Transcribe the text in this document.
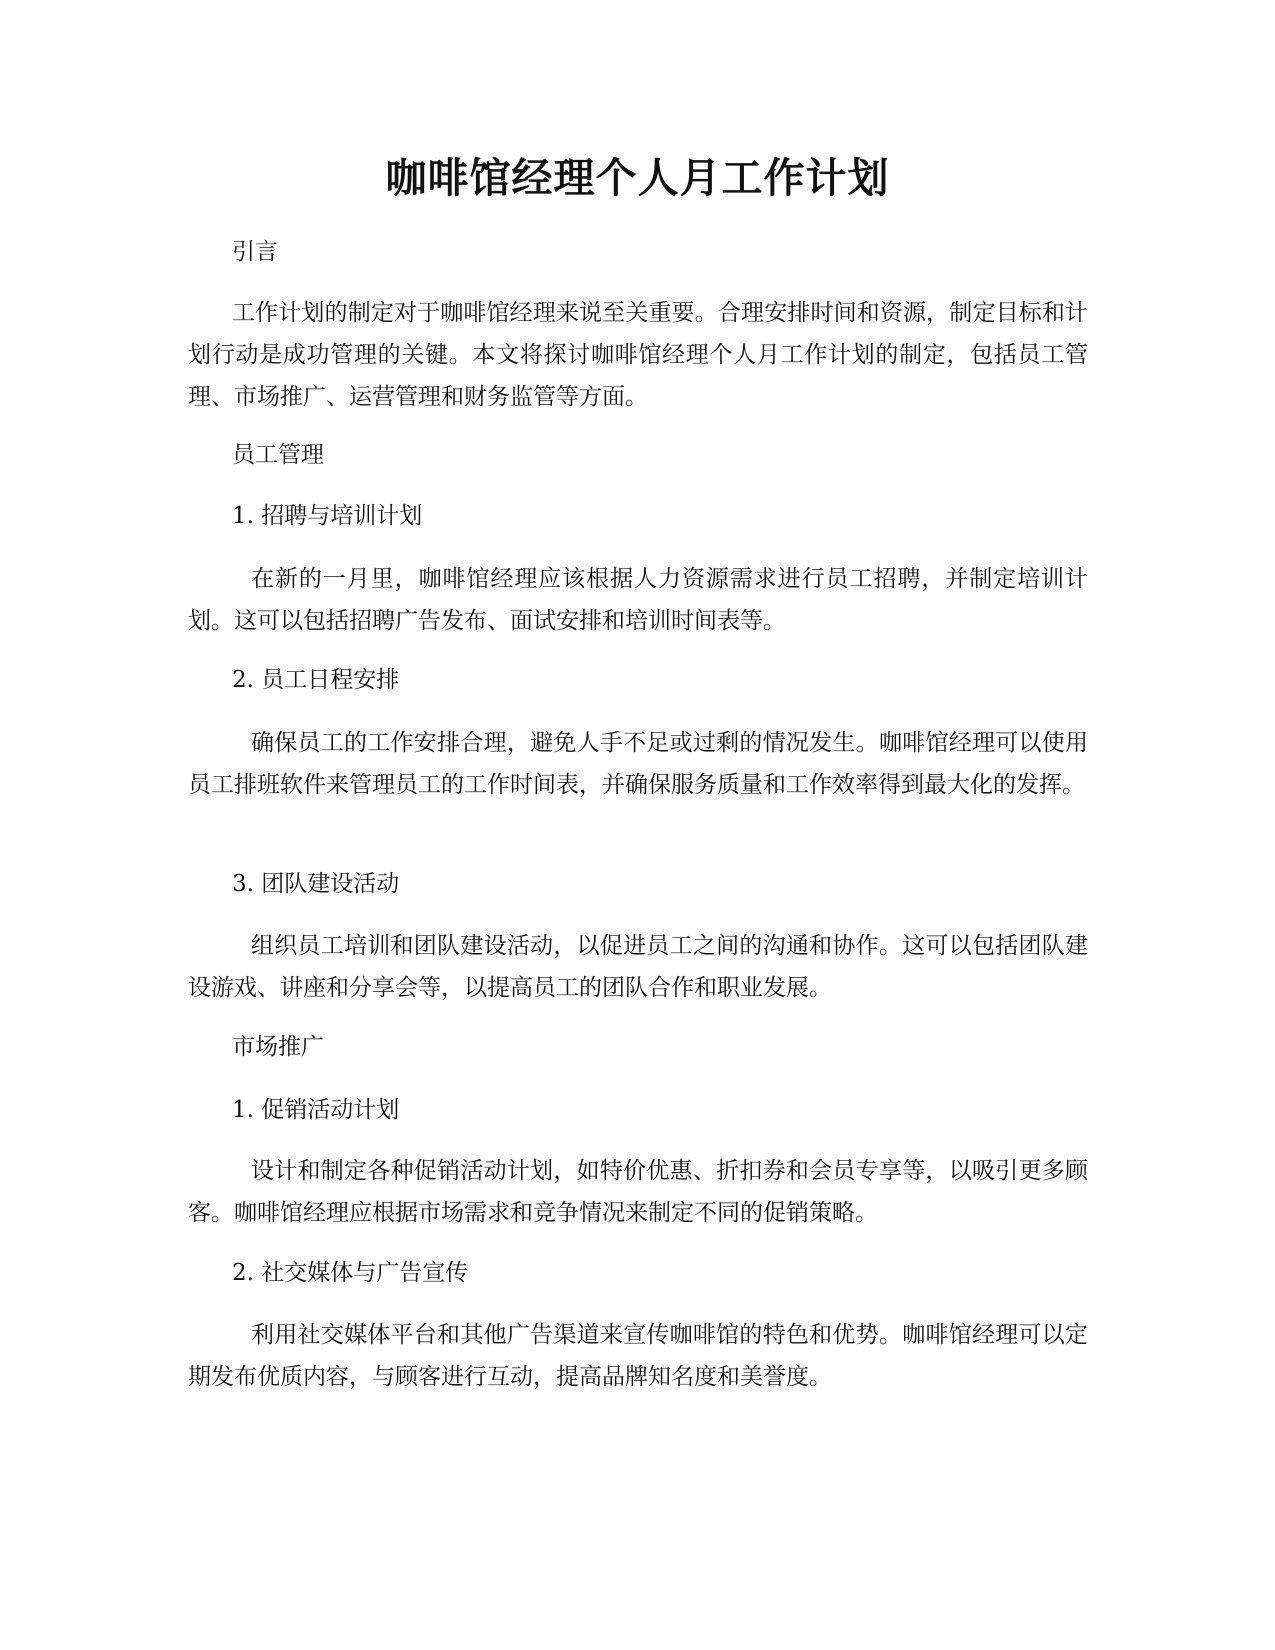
咖啡馆经理个人月工作计划

引言

工作计划的制定对于咖啡馆经理来说至关重要。合理安排时间和资源，制定目标和计划行动是成功管理的关键。本文将探讨咖啡馆经理个人月工作计划的制定，包括员工管理、市场推广、运营管理和财务监管等方面。

员工管理

1. 招聘与培训计划

在新的一月里，咖啡馆经理应该根据人力资源需求进行员工招聘，并制定培训计划。这可以包括招聘广告发布、面试安排和培训时间表等。

2. 员工日程安排

确保员工的工作安排合理，避免人手不足或过剩的情况发生。咖啡馆经理可以使用员工排班软件来管理员工的工作时间表，并确保服务质量和工作效率得到最大化的发挥。

3. 团队建设活动

组织员工培训和团队建设活动，以促进员工之间的沟通和协作。这可以包括团队建设游戏、讲座和分享会等，以提高员工的团队合作和职业发展。

市场推广

1. 促销活动计划

设计和制定各种促销活动计划，如特价优惠、折扣券和会员专享等，以吸引更多顾客。咖啡馆经理应根据市场需求和竞争情况来制定不同的促销策略。

2. 社交媒体与广告宣传

利用社交媒体平台和其他广告渠道来宣传咖啡馆的特色和优势。咖啡馆经理可以定期发布优质内容，与顾客进行互动，提高品牌知名度和美誉度。
